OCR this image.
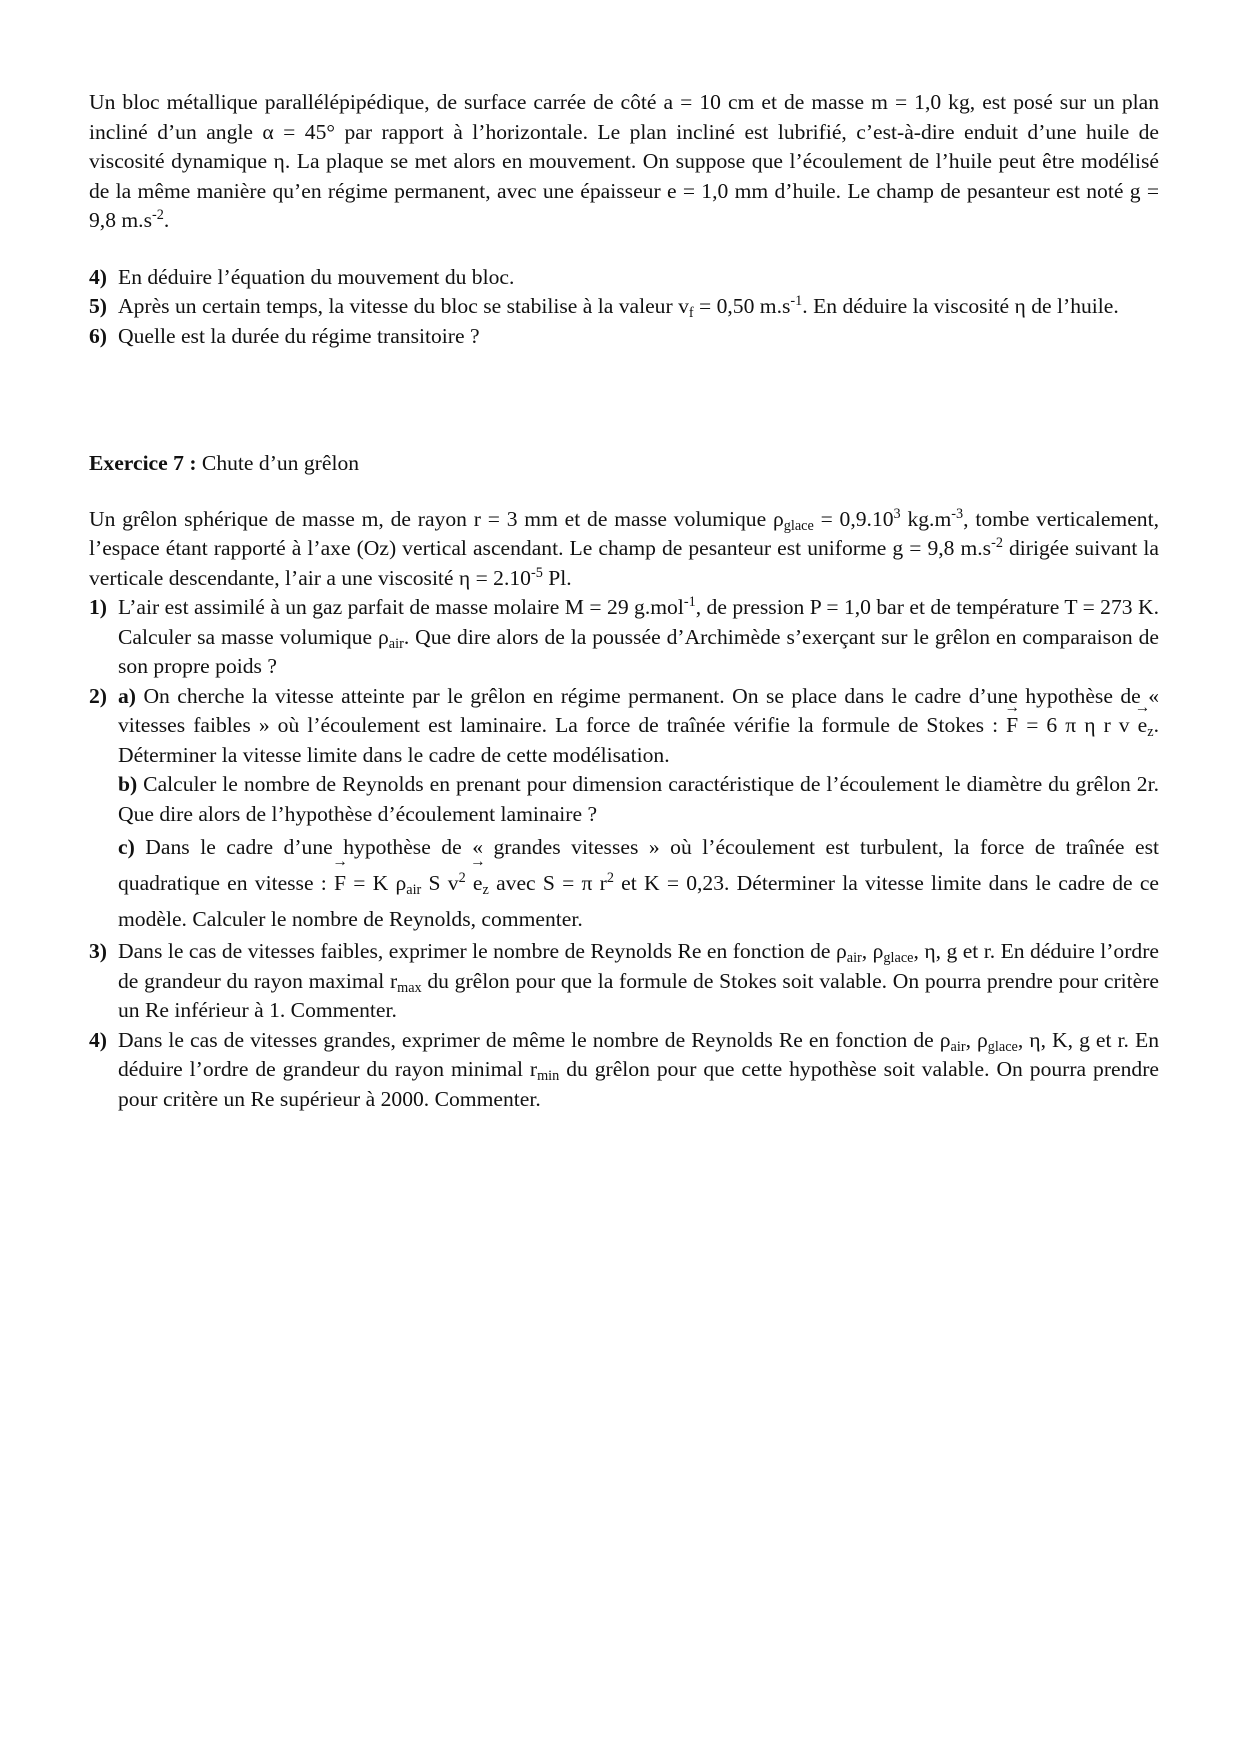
Un bloc métallique parallélépipédique, de surface carrée de côté a = 10 cm et de masse m = 1,0 kg, est posé sur un plan incliné d’un angle α = 45° par rapport à l’horizontale. Le plan incliné est lubrifié, c’est-à-dire enduit d’une huile de viscosité dynamique η. La plaque se met alors en mouvement. On suppose que l’écoulement de l’huile peut être modélisé de la même manière qu’en régime permanent, avec une épaisseur e = 1,0 mm d’huile. Le champ de pesanteur est noté g = 9,8 $m.s^{-2}$.

4) En déduire l’équation du mouvement du bloc.

5) Après un certain temps, la vitesse du bloc se stabilise à la valeur $v_f = 0,50$ $m.s^{-1}$. En déduire la viscosité η de l’huile.

6) Quelle est la durée du régime transitoire ?

Exercice 7 : Chute d’un grêlon

Un grêlon sphérique de masse m, de rayon r = 3 mm et de masse volumique $\rho_{glace} = 0,9.10^3$ $kg.m^{-3}$, tombe verticalement, l’espace étant rapporté à l’axe (Oz) vertical ascendant. Le champ de pesanteur est uniforme g = 9,8 $m.s^{-2}$ dirigée suivant la verticale descendante, l’air a une viscosité $\eta = 2.10^{-5}$ Pl.

1) L’air est assimilé à un gaz parfait de masse molaire M = 29 g.mol$^{-1}$, de pression P = 1,0 bar et de température T = 273 K. Calculer sa masse volumique $\rho_{air}$. Que dire alors de la poussée d’Archimède s’exerçant sur le grêlon en comparaison de son propre poids ?

2) a) On cherche la vitesse atteinte par le grêlon en régime permanent. On se place dans le cadre d’une hypothèse de « vitesses faibles » où l’écoulement est laminaire. La force de traînée vérifie la formule de Stokes : → F = 6 π η r $v \to e_z$. Déterminer la vitesse limite dans le cadre de cette modélisation.

b) Calculer le nombre de Reynolds en prenant pour dimension caractéristique de l’écoulement le diamètre du grêlon 2r. Que dire alors de l’hypothèse d’écoulement laminaire ?

c) Dans le cadre d’une hypothèse de « grandes vitesses » où l’écoulement est turbulent, la force de traînée est quadratique en vitesse : → F = K $\rho_{air}$ S $v^2 \to e_z$ avec S = π $r^2$ et K = 0,23. Déterminer la vitesse limite dans le cadre de ce modèle. Calculer le nombre de Reynolds, commenter.

3) Dans le cas de vitesses faibles, exprimer le nombre de Reynolds Re en fonction de $\rho_{air}$, $\rho_{glace}$, η, g et r. En déduire l’ordre de grandeur du rayon maximal $r_{max}$ du grêlon pour que la formule de Stokes soit valable. On pourra prendre pour critère un Re inférieur à 1. Commenter.

4) Dans le cas de vitesses grandes, exprimer de même le nombre de Reynolds Re en fonction de $\rho_{air}$, $\rho_{glace}$, η, K, g et r. En déduire l’ordre de grandeur du rayon minimal $r_{min}$ du grêlon pour que cette hypothèse soit valable. On pourra prendre pour critère un Re supérieur à 2000. Commenter.
